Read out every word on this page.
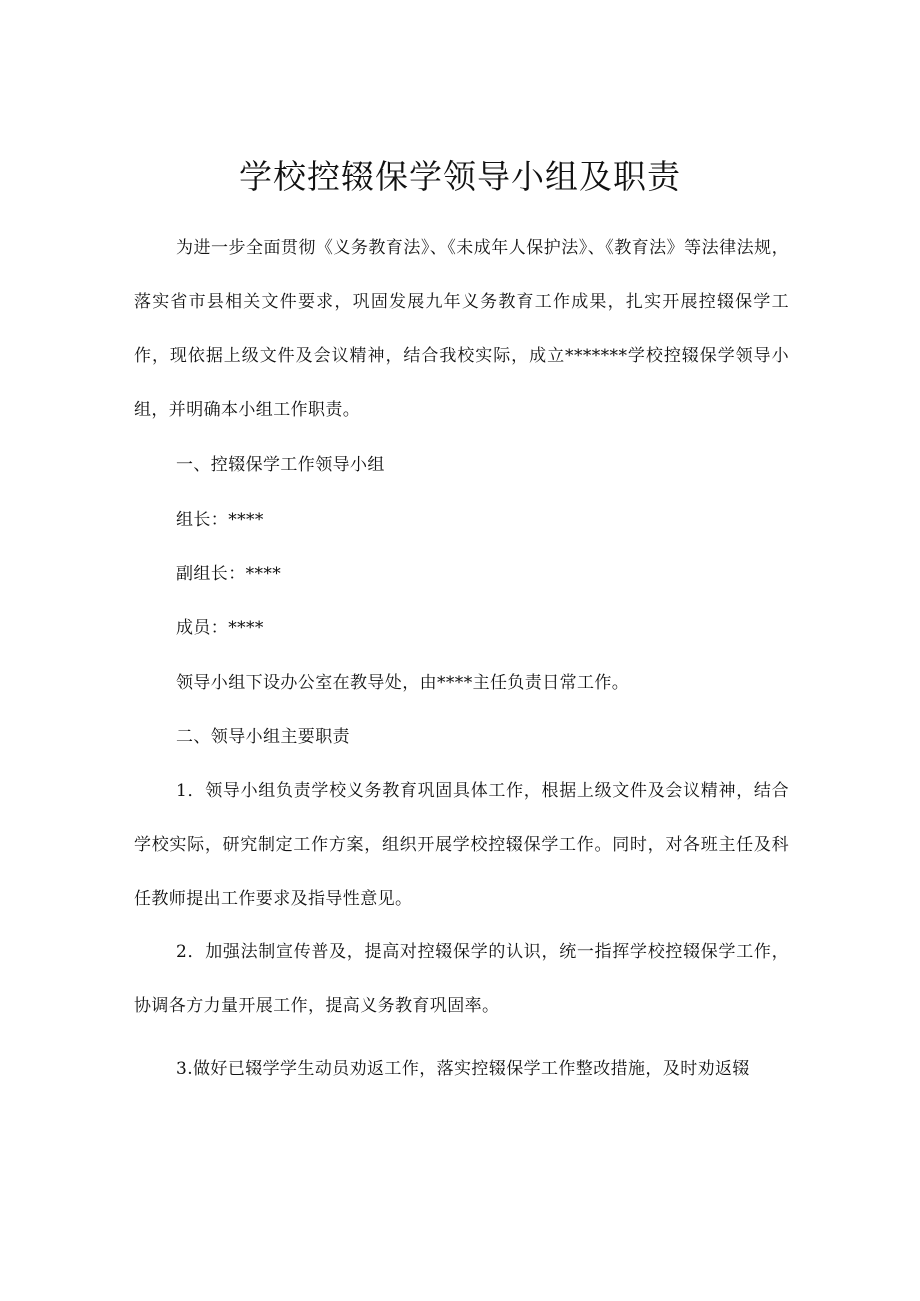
学校控辍保学领导小组及职责

为进一步全面贯彻《义务教育法》、《未成年人保护法》、《教育法》等法律法规，落实省市县相关文件要求，巩固发展九年义务教育工作成果，扎实开展控辍保学工作，现依据上级文件及会议精神，结合我校实际，成立*******学校控辍保学领导小组，并明确本小组工作职责。

一、控辍保学工作领导小组

组长：****

副组长：****

成员：****

领导小组下设办公室在教导处，由****主任负责日常工作。

二、领导小组主要职责

1．领导小组负责学校义务教育巩固具体工作，根据上级文件及会议精神，结合学校实际，研究制定工作方案，组织开展学校控辍保学工作。同时，对各班主任及科任教师提出工作要求及指导性意见。

2．加强法制宣传普及，提高对控辍保学的认识，统一指挥学校控辍保学工作，协调各方力量开展工作，提高义务教育巩固率。

3.做好已辍学学生动员劝返工作，落实控辍保学工作整改措施，及时劝返辍
